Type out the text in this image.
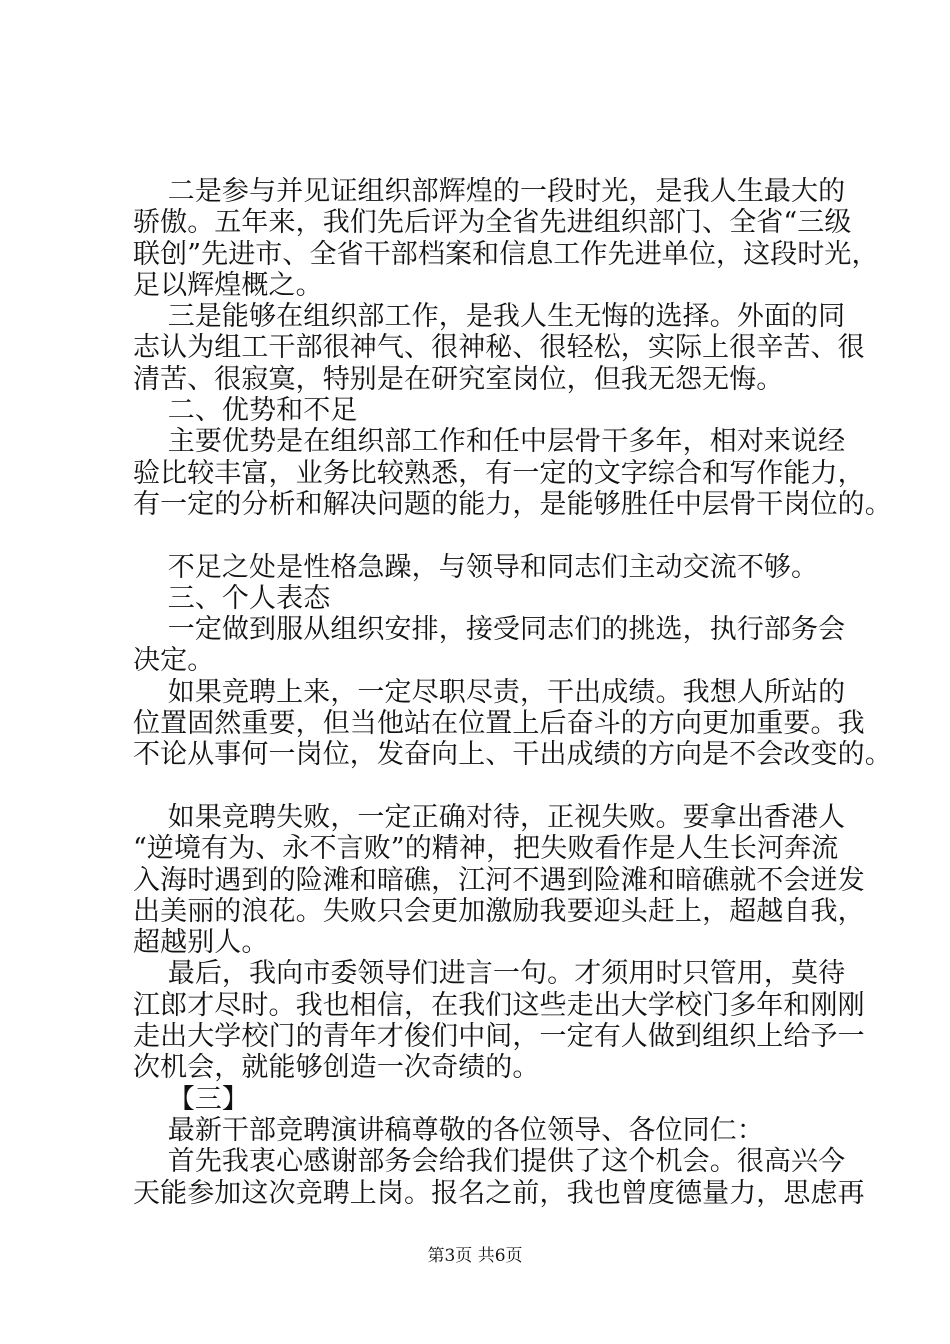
二是参与并见证组织部辉煌的一段时光，是我人生最大的
骄傲。五年来，我们先后评为全省先进组织部门、全省“三级
联创”先进市、全省干部档案和信息工作先进单位，这段时光，
足以辉煌概之。
三是能够在组织部工作，是我人生无悔的选择。外面的同
志认为组工干部很神气、很神秘、很轻松，实际上很辛苦、很
清苦、很寂寞，特别是在研究室岗位，但我无怨无悔。
二、优势和不足
主要优势是在组织部工作和任中层骨干多年，相对来说经
验比较丰富，业务比较熟悉，有一定的文字综合和写作能力，
有一定的分析和解决问题的能力，是能够胜任中层骨干岗位的。
不足之处是性格急躁，与领导和同志们主动交流不够。
三、个人表态
一定做到服从组织安排，接受同志们的挑选，执行部务会
决定。
如果竞聘上来，一定尽职尽责，干出成绩。我想人所站的
位置固然重要，但当他站在位置上后奋斗的方向更加重要。我
不论从事何一岗位，发奋向上、干出成绩的方向是不会改变的。
如果竞聘失败，一定正确对待，正视失败。要拿出香港人
“逆境有为、永不言败”的精神，把失败看作是人生长河奔流
入海时遇到的险滩和暗礁，江河不遇到险滩和暗礁就不会迸发
出美丽的浪花。失败只会更加激励我要迎头赶上，超越自我，
超越别人。
最后，我向市委领导们进言一句。才须用时只管用，莫待
江郎才尽时。我也相信，在我们这些走出大学校门多年和刚刚
走出大学校门的青年才俊们中间，一定有人做到组织上给予一
次机会，就能够创造一次奇绩的。
【三】
最新干部竞聘演讲稿尊敬的各位领导、各位同仁：
首先我衷心感谢部务会给我们提供了这个机会。很高兴今
天能参加这次竞聘上岗。报名之前，我也曾度德量力，思虑再
第3页 共6页
